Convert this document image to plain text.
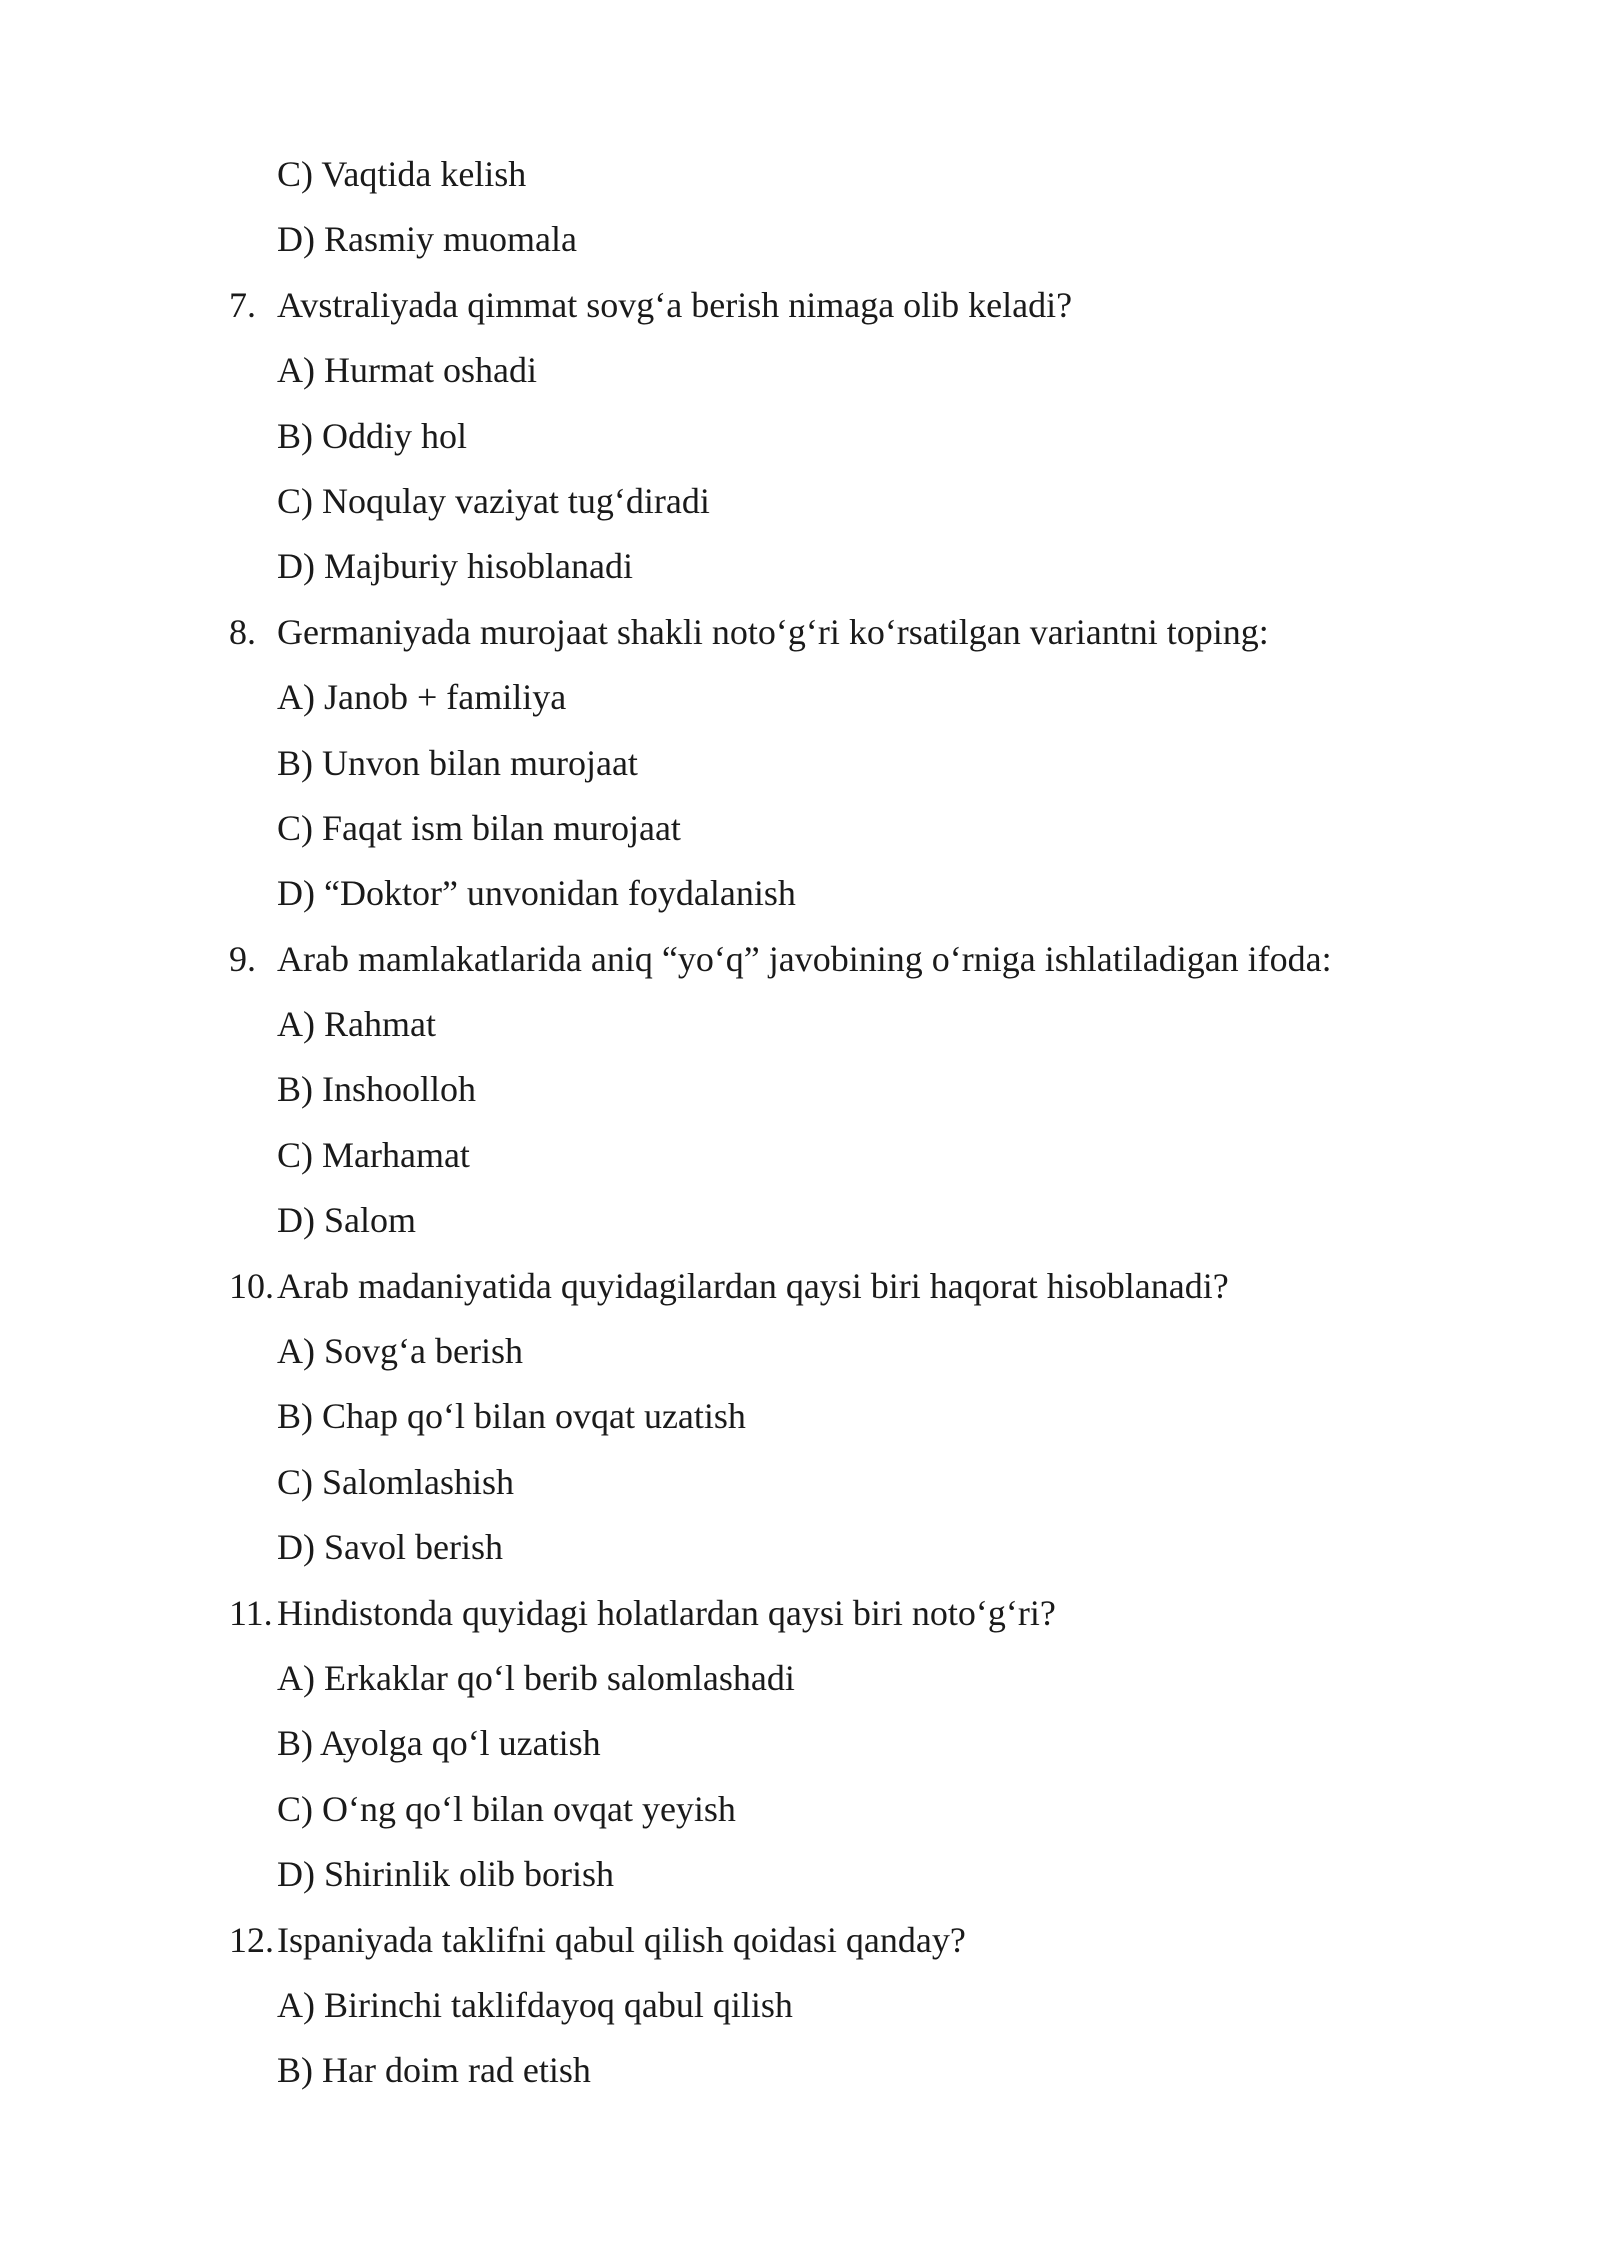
C) Vaqtida kelish
D) Rasmiy muomala
7. Avstraliyada qimmat sovg‘a berish nimaga olib keladi?
A) Hurmat oshadi
B) Oddiy hol
C) Noqulay vaziyat tug‘diradi
D) Majburiy hisoblanadi
8. Germaniyada murojaat shakli noto‘g‘ri ko‘rsatilgan variantni toping:
A) Janob + familiya
B) Unvon bilan murojaat
C) Faqat ism bilan murojaat
D) “Doktor” unvonidan foydalanish
9. Arab mamlakatlarida aniq “yo‘q” javobining o‘rniga ishlatiladigan ifoda:
A) Rahmat
B) Inshoolloh
C) Marhamat
D) Salom
10. Arab madaniyatida quyidagilardan qaysi biri haqorat hisoblanadi?
A) Sovg‘a berish
B) Chap qo‘l bilan ovqat uzatish
C) Salomlashish
D) Savol berish
11. Hindistonda quyidagi holatlardan qaysi biri noto‘g‘ri?
A) Erkaklar qo‘l berib salomlashadi
B) Ayolga qo‘l uzatish
C) O‘ng qo‘l bilan ovqat yeyish
D) Shirinlik olib borish
12. Ispaniyada taklifni qabul qilish qoidasi qanday?
A) Birinchi taklifdayoq qabul qilish
B) Har doim rad etish
